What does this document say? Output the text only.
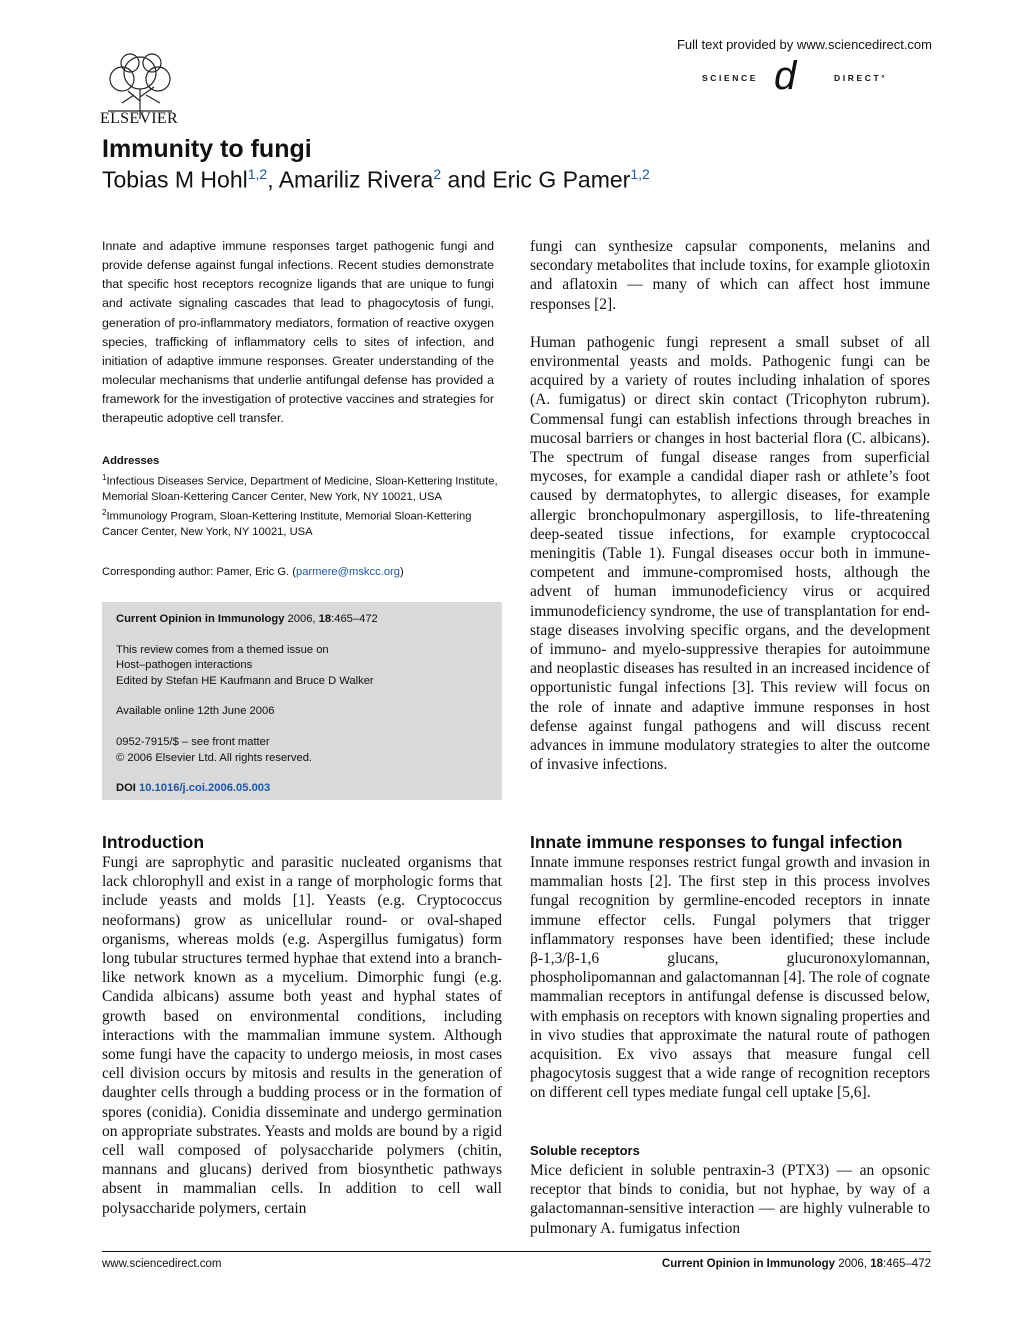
ELSEVIER
Full text provided by www.sciencedirect.com
SCIENCE d	DIRECT°
Immunity to fungi
Tobias M Hohl$^{1,2}$, Amariliz Rivera$^2$ and Eric G Pamer$^{1,2}$

Innate and adaptive immune responses target pathogenic fungi and provide defense against fungal infections. Recent studies demonstrate that specific host receptors recognize ligands that are unique to fungi and activate signaling cascades that lead to phagocytosis of fungi, generation of pro-inflammatory mediators, formation of reactive oxygen species, trafficking of inflammatory cells to sites of infection, and initiation of adaptive immune responses. Greater understanding of the molecular mechanisms that underlie antifungal defense has provided a framework for the investigation of protective vaccines and strategies for therapeutic adoptive cell transfer.

Addresses
$^1$Infectious Diseases Service, Department of Medicine, Sloan-Kettering Institute, Memorial Sloan-Kettering Cancer Center, New York, NY 10021, USA
$^2$Immunology Program, Sloan-Kettering Institute, Memorial Sloan-Kettering Cancer Center, New York, NY 10021, USA
Corresponding author: Pamer, Eric G. (parmere@mskcc.org)

Current Opinion in Immunology 2006, 18:465–472

This review comes from a themed issue on
Host–pathogen interactions
Edited by Stefan HE Kaufmann and Bruce D Walker

Available online 12th June 2006

0952-7915/$ – see front matter
© 2006 Elsevier Ltd. All rights reserved.

DOI 10.1016/j.coi.2006.05.003

Introduction

Fungi are saprophytic and parasitic nucleated organisms that lack chlorophyll and exist in a range of morphologic forms that include yeasts and molds [1]. Yeasts (e.g. Cryptococcus neoformans) grow as unicellular round- or oval-shaped organisms, whereas molds (e.g. Aspergillus fumigatus) form long tubular structures termed hyphae that extend into a branch-like network known as a mycelium. Dimorphic fungi (e.g. Candida albicans) assume both yeast and hyphal states of growth based on environmental conditions, including interactions with the mammalian immune system. Although some fungi have the capacity to undergo meiosis, in most cases cell division occurs by mitosis and results in the generation of daughter cells through a budding process or in the formation of spores (conidia). Conidia disseminate and undergo germination on appropriate substrates. Yeasts and molds are bound by a rigid cell wall composed of polysaccharide polymers (chitin, mannans and glucans) derived from biosynthetic pathways absent in mammalian cells. In addition to cell wall polysaccharide polymers, certain

fungi can synthesize capsular components, melanins and secondary metabolites that include toxins, for example gliotoxin and aflatoxin — many of which can affect host immune responses [2].

Human pathogenic fungi represent a small subset of all environmental yeasts and molds. Pathogenic fungi can be acquired by a variety of routes including inhalation of spores (A. fumigatus) or direct skin contact (Tricophyton rubrum). Commensal fungi can establish infections through breaches in mucosal barriers or changes in host bacterial flora (C. albicans). The spectrum of fungal disease ranges from superficial mycoses, for example a candidal diaper rash or athlete’s foot caused by dermatophytes, to allergic diseases, for example allergic bronchopulmonary aspergillosis, to life-threatening deep-seated tissue infections, for example cryptococcal meningitis (Table 1). Fungal diseases occur both in immune-competent and immune-compromised hosts, although the advent of human immunodeficiency virus or acquired immunodeficiency syndrome, the use of transplantation for end-stage diseases involving specific organs, and the development of immuno- and myelo-suppressive therapies for autoimmune and neoplastic diseases has resulted in an increased incidence of opportunistic fungal infections [3]. This review will focus on the role of innate and adaptive immune responses in host defense against fungal pathogens and will discuss recent advances in immune modulatory strategies to alter the outcome of invasive infections.

Innate immune responses to fungal infection

Innate immune responses restrict fungal growth and invasion in mammalian hosts [2]. The first step in this process involves fungal recognition by germline-encoded receptors in innate immune effector cells. Fungal polymers that trigger inflammatory responses have been identified; these include β-1,3/β-1,6 glucans, glucuronoxylomannan, phospholipomannan and galactomannan [4]. The role of cognate mammalian receptors in antifungal defense is discussed below, with emphasis on receptors with known signaling properties and in vivo studies that approximate the natural route of pathogen acquisition. Ex vivo assays that measure fungal cell phagocytosis suggest that a wide range of recognition receptors on different cell types mediate fungal cell uptake [5,6].

Soluble receptors

Mice deficient in soluble pentraxin-3 (PTX3) — an opsonic receptor that binds to conidia, but not hyphae, by way of a galactomannan-sensitive interaction — are highly vulnerable to pulmonary A. fumigatus infection

www.sciencedirect.com	Current Opinion in Immunology 2006, 18:465–472
